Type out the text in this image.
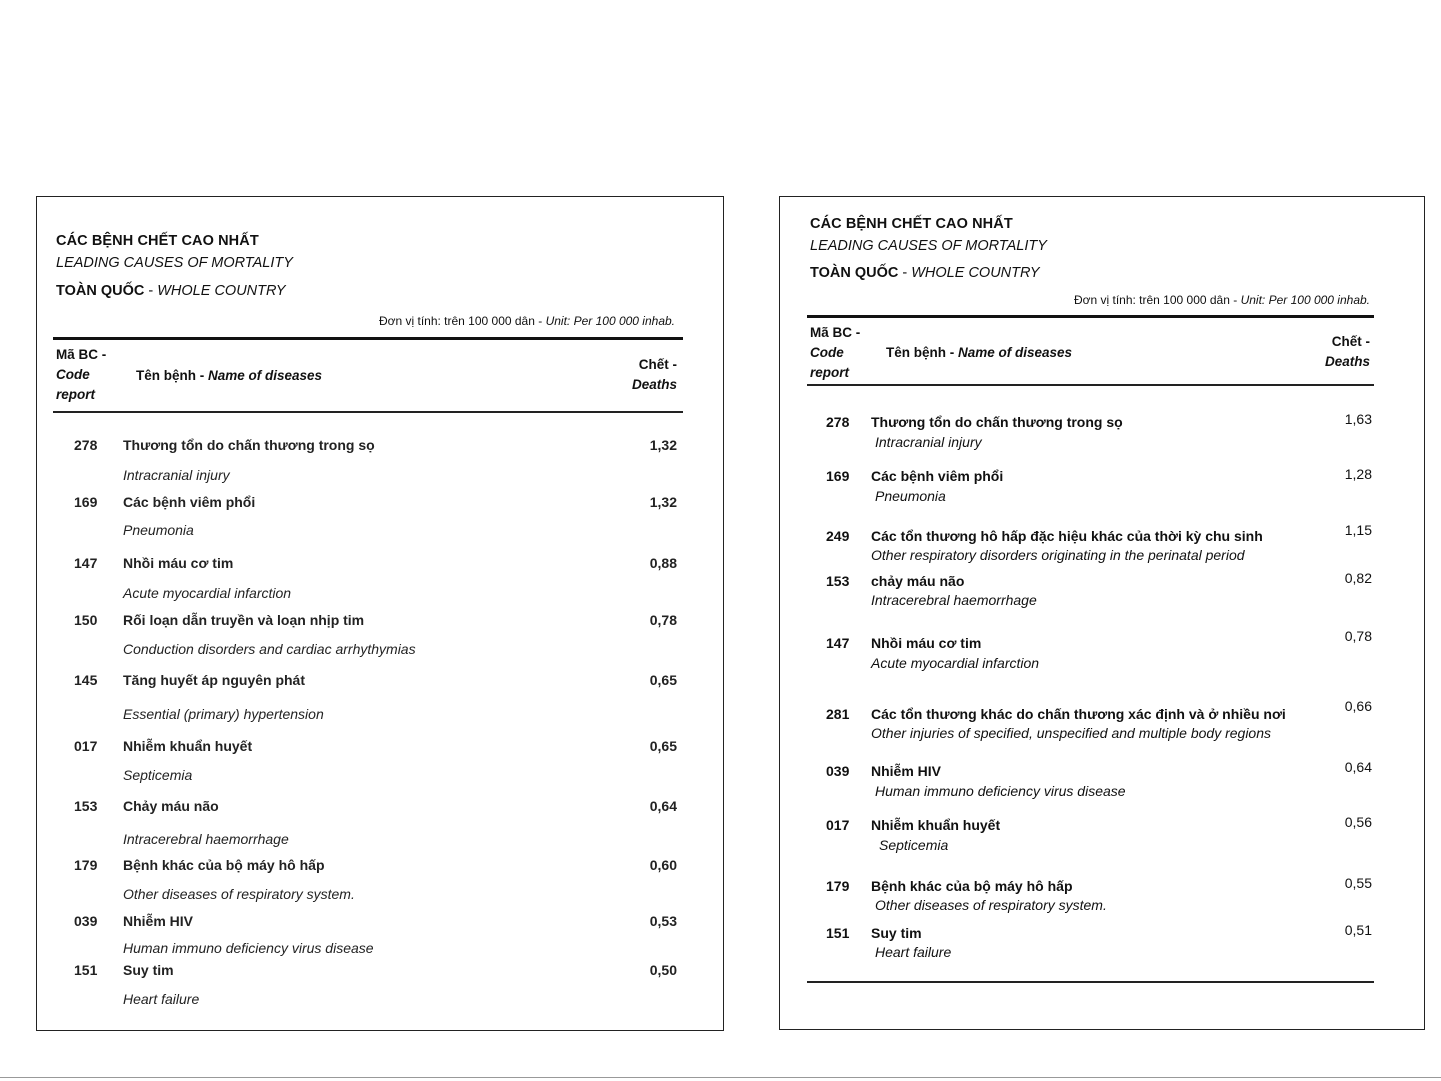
CÁC BỆNH CHẾT CAO NHẤT
LEADING CAUSES OF MORTALITY
TOÀN QUỐC - WHOLE COUNTRY
Đơn vị tính: trên 100 000 dân - Unit: Per 100 000 inhab.
Mã BC -
Code
report
Tên bệnh - Name of diseases
Chết -
Deaths
278 Thương tổn do chấn thương trong sọ
Intracranial injury
1,32
169 Các bệnh viêm phổi
Pneumonia
1,32
147 Nhồi máu cơ tim
Acute myocardial infarction
0,88
150 Rối loạn dẫn truyền và loạn nhịp tim
Conduction disorders and cardiac arrhythymias
0,78
145 Tăng huyết áp nguyên phát
Essential (primary) hypertension
0,65
017 Nhiễm khuẩn huyết
Septicemia
0,65
153 Chảy máu não
Intracerebral haemorrhage
0,64
179 Bệnh khác của bộ máy hô hấp
Other diseases of respiratory system.
0,60
039 Nhiễm HIV
Human immuno deficiency virus disease
0,53
151 Suy tim
Heart failure
0,50
CÁC BỆNH CHẾT CAO NHẤT
LEADING CAUSES OF MORTALITY
TOÀN QUỐC - WHOLE COUNTRY
Đơn vị tính: trên 100 000 dân - Unit: Per 100 000 inhab.
Mã BC -
Code
report
Tên bệnh - Name of diseases
Chết -
Deaths
278 Thương tổn do chấn thương trong sọ
Intracranial injury
1,63
169 Các bệnh viêm phổi
Pneumonia
1,28
249 Các tổn thương hô hấp đặc hiệu khác của thời kỳ chu sinh
Other respiratory disorders originating in the perinatal period
1,15
153 chảy máu não
Intracerebral haemorrhage
0,82
147 Nhồi máu cơ tim
Acute myocardial infarction
0,78
281 Các tổn thương khác do chấn thương xác định và ở nhiều nơi
Other injuries of specified, unspecified and multiple body regions
0,66
039 Nhiễm HIV
Human immuno deficiency virus disease
0,64
017 Nhiễm khuẩn huyết
Septicemia
0,56
179 Bệnh khác của bộ máy hô hấp
Other diseases of respiratory system.
0,55
151 Suy tim
Heart failure
0,51
